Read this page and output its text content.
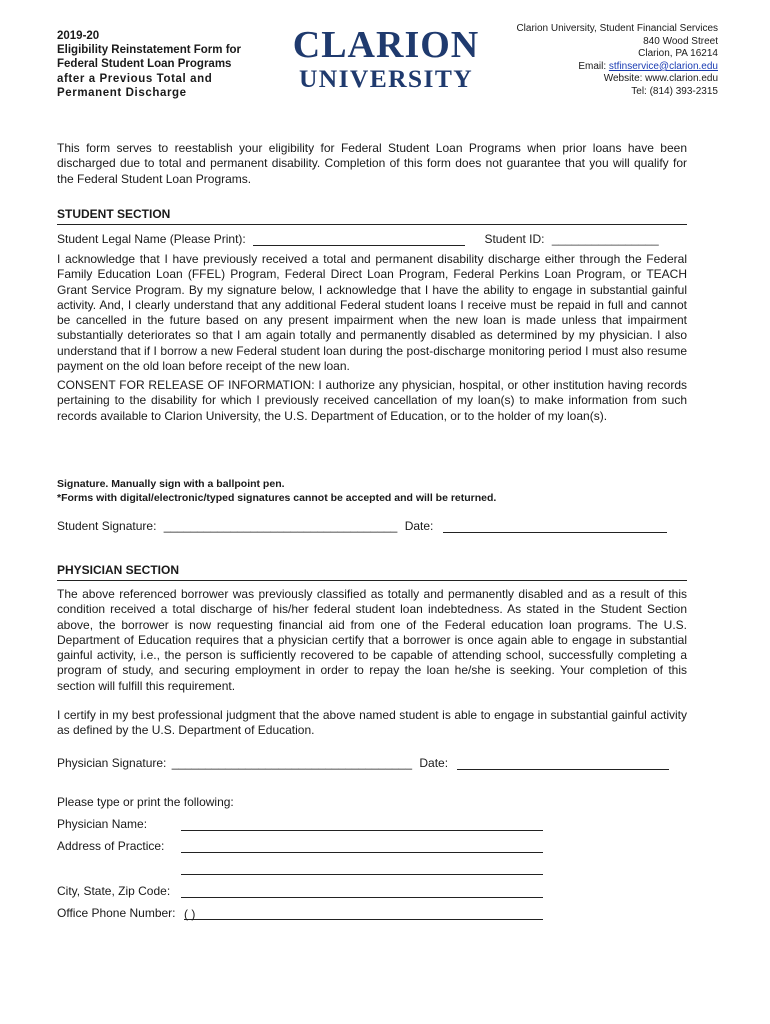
2019-20
Eligibility Reinstatement Form for
Federal Student Loan Programs
after a Previous Total and
Permanent Discharge
CLARION
UNIVERSITY
Clarion University, Student Financial Services
840 Wood Street
Clarion, PA 16214
Email: stfinservice@clarion.edu
Website: www.clarion.edu
Tel: (814) 393-2315
This form serves to reestablish your eligibility for Federal Student Loan Programs when prior loans have been discharged due to total and permanent disability. Completion of this form does not guarantee that you will qualify for the Federal Student Loan Programs.
STUDENT SECTION
Student Legal Name (Please Print):	Student ID: ________________
I acknowledge that I have previously received a total and permanent disability discharge either through the Federal Family Education Loan (FFEL) Program, Federal Direct Loan Program, Federal Perkins Loan Program, or TEACH Grant Service Program. By my signature below, I acknowledge that I have the ability to engage in substantial gainful activity. And, I clearly understand that any additional Federal student loans I receive must be repaid in full and cannot be cancelled in the future based on any present impairment when the new loan is made unless that impairment substantially deteriorates so that I am again totally and permanently disabled as determined by my physician. I also understand that if I borrow a new Federal student loan during the post-discharge monitoring period I must also resume payment on the old loan before receipt of the new loan.
CONSENT FOR RELEASE OF INFORMATION: I authorize any physician, hospital, or other institution having records pertaining to the disability for which I previously received cancellation of my loan(s) to make information from such records available to Clarion University, the U.S. Department of Education, or to the holder of my loan(s).
Signature. Manually sign with a ballpoint pen.
*Forms with digital/electronic/typed signatures cannot be accepted and will be returned.
Student Signature: ___________________________________ Date:
PHYSICIAN SECTION
The above referenced borrower was previously classified as totally and permanently disabled and as a result of this condition received a total discharge of his/her federal student loan indebtedness. As stated in the Student Section above, the borrower is now requesting financial aid from one of the Federal education loan programs. The U.S. Department of Education requires that a physician certify that a borrower is once again able to engage in substantial gainful activity, i.e., the person is sufficiently recovered to be capable of attending school, successfully completing a program of study, and securing employment in order to repay the loan he/she is seeking. Your completion of this section will fulfill this requirement.
I certify in my best professional judgment that the above named student is able to engage in substantial gainful activity as defined by the U.S. Department of Education.
Physician Signature: ____________________________________ Date:
Please type or print the following:
Physician Name:
Address of Practice:
City, State, Zip Code:
Office Phone Number: ( )
